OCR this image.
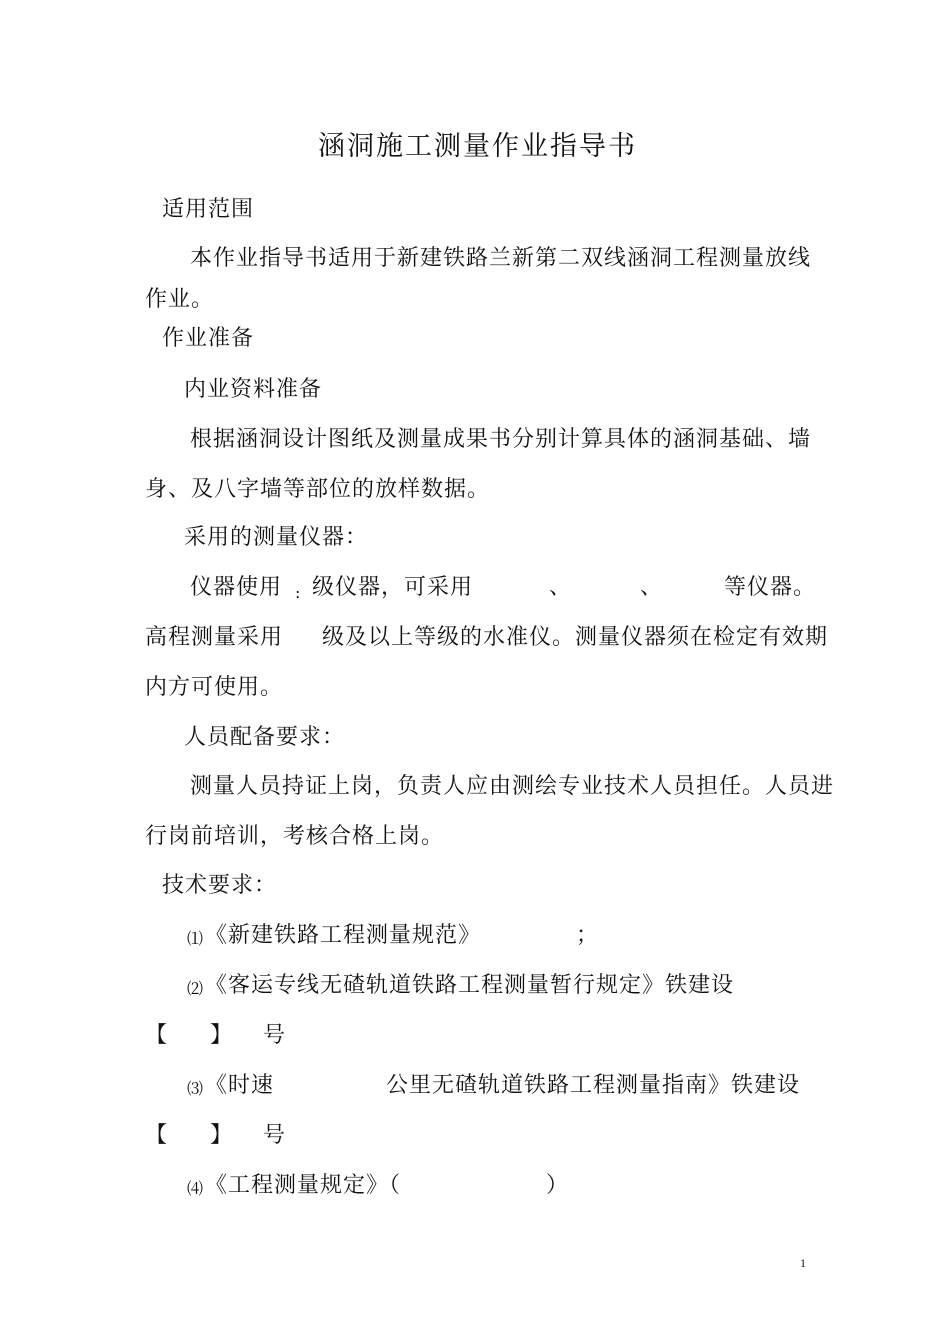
涵洞施工测量作业指导书
适用范围
本作业指导书适用于新建铁路兰新第二双线涵洞工程测量放线
作业。
作业准备
内业资料准备
根据涵洞设计图纸及测量成果书分别计算具体的涵洞基础、墙
身、及八字墙等部位的放样数据。
采用的测量仪器：
仪器使用 : 级仪器，可采用	、	、	等仪器。
高程测量采用 级及以上等级的水准仪。测量仪器须在检定有效期
内方可使用。
人员配备要求：
测量人员持证上岗，负责人应由测绘专业技术人员担任。人员进
行岗前培训，考核合格上岗。
技术要求：
⑴ 《新建铁路工程测量规范》	；
⑵ 《客运专线无碴轨道铁路工程测量暂行规定》铁建设
【 】 号
⑶ 《时速	公里无碴轨道铁路工程测量指南》铁建设
【 】 号
⑷ 《工程测量规定》（	）
1
